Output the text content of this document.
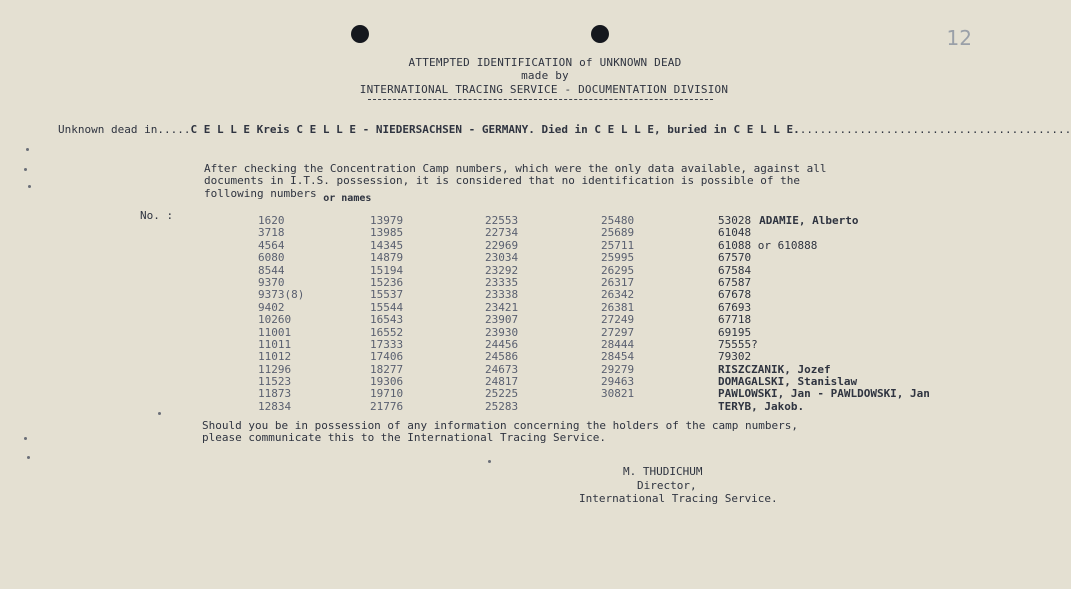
12
ATTEMPTED IDENTIFICATION of UNKNOWN DEAD
made by
INTERNATIONAL TRACING SERVICE - DOCUMENTATION DIVISION
Unknown dead in.....C E L L E Kreis C E L L E - NIEDERSACHSEN - GERMANY. Died in C E L L E, buried in C E L L E..........................................
After checking the Concentration Camp numbers, which were the only data available, against all
documents in I.T.S. possession, it is considered that no identification is possible of the
following numbers or names
No. :	1620
3718
4564
6080
8544
9370
9373(8)
9402
10260
11001
11011
11012
11296
11523
11873
12834
13979
13985
14345
14879
15194
15236
15537
15544
16543
16552
17333
17406
18277
19306
19710
21776
22553
22734
22969
23034
23292
23335
23338
23421
23907
23930
24456
24586
24673
24817
25225
25283
25480
25689
25711
25995
26295
26317
26342
26381
27249
27297
28444
28454
29279
29463
30821
53028 ADAMIE, Alberto
61048
61088 or 610888
67570
67584
67587
67678
67693
67718
69195
75555?
79302
RISZCZANIK, Jozef
DOMAGALSKI, Stanislaw
PAWLOWSKI, Jan - PAWLDOWSKI, Jan
TERYB, Jakob.
Should you be in possession of any information concerning the holders of the camp numbers,
please communicate this to the International Tracing Service.
M. THUDICHUM
Director,
International Tracing Service.
